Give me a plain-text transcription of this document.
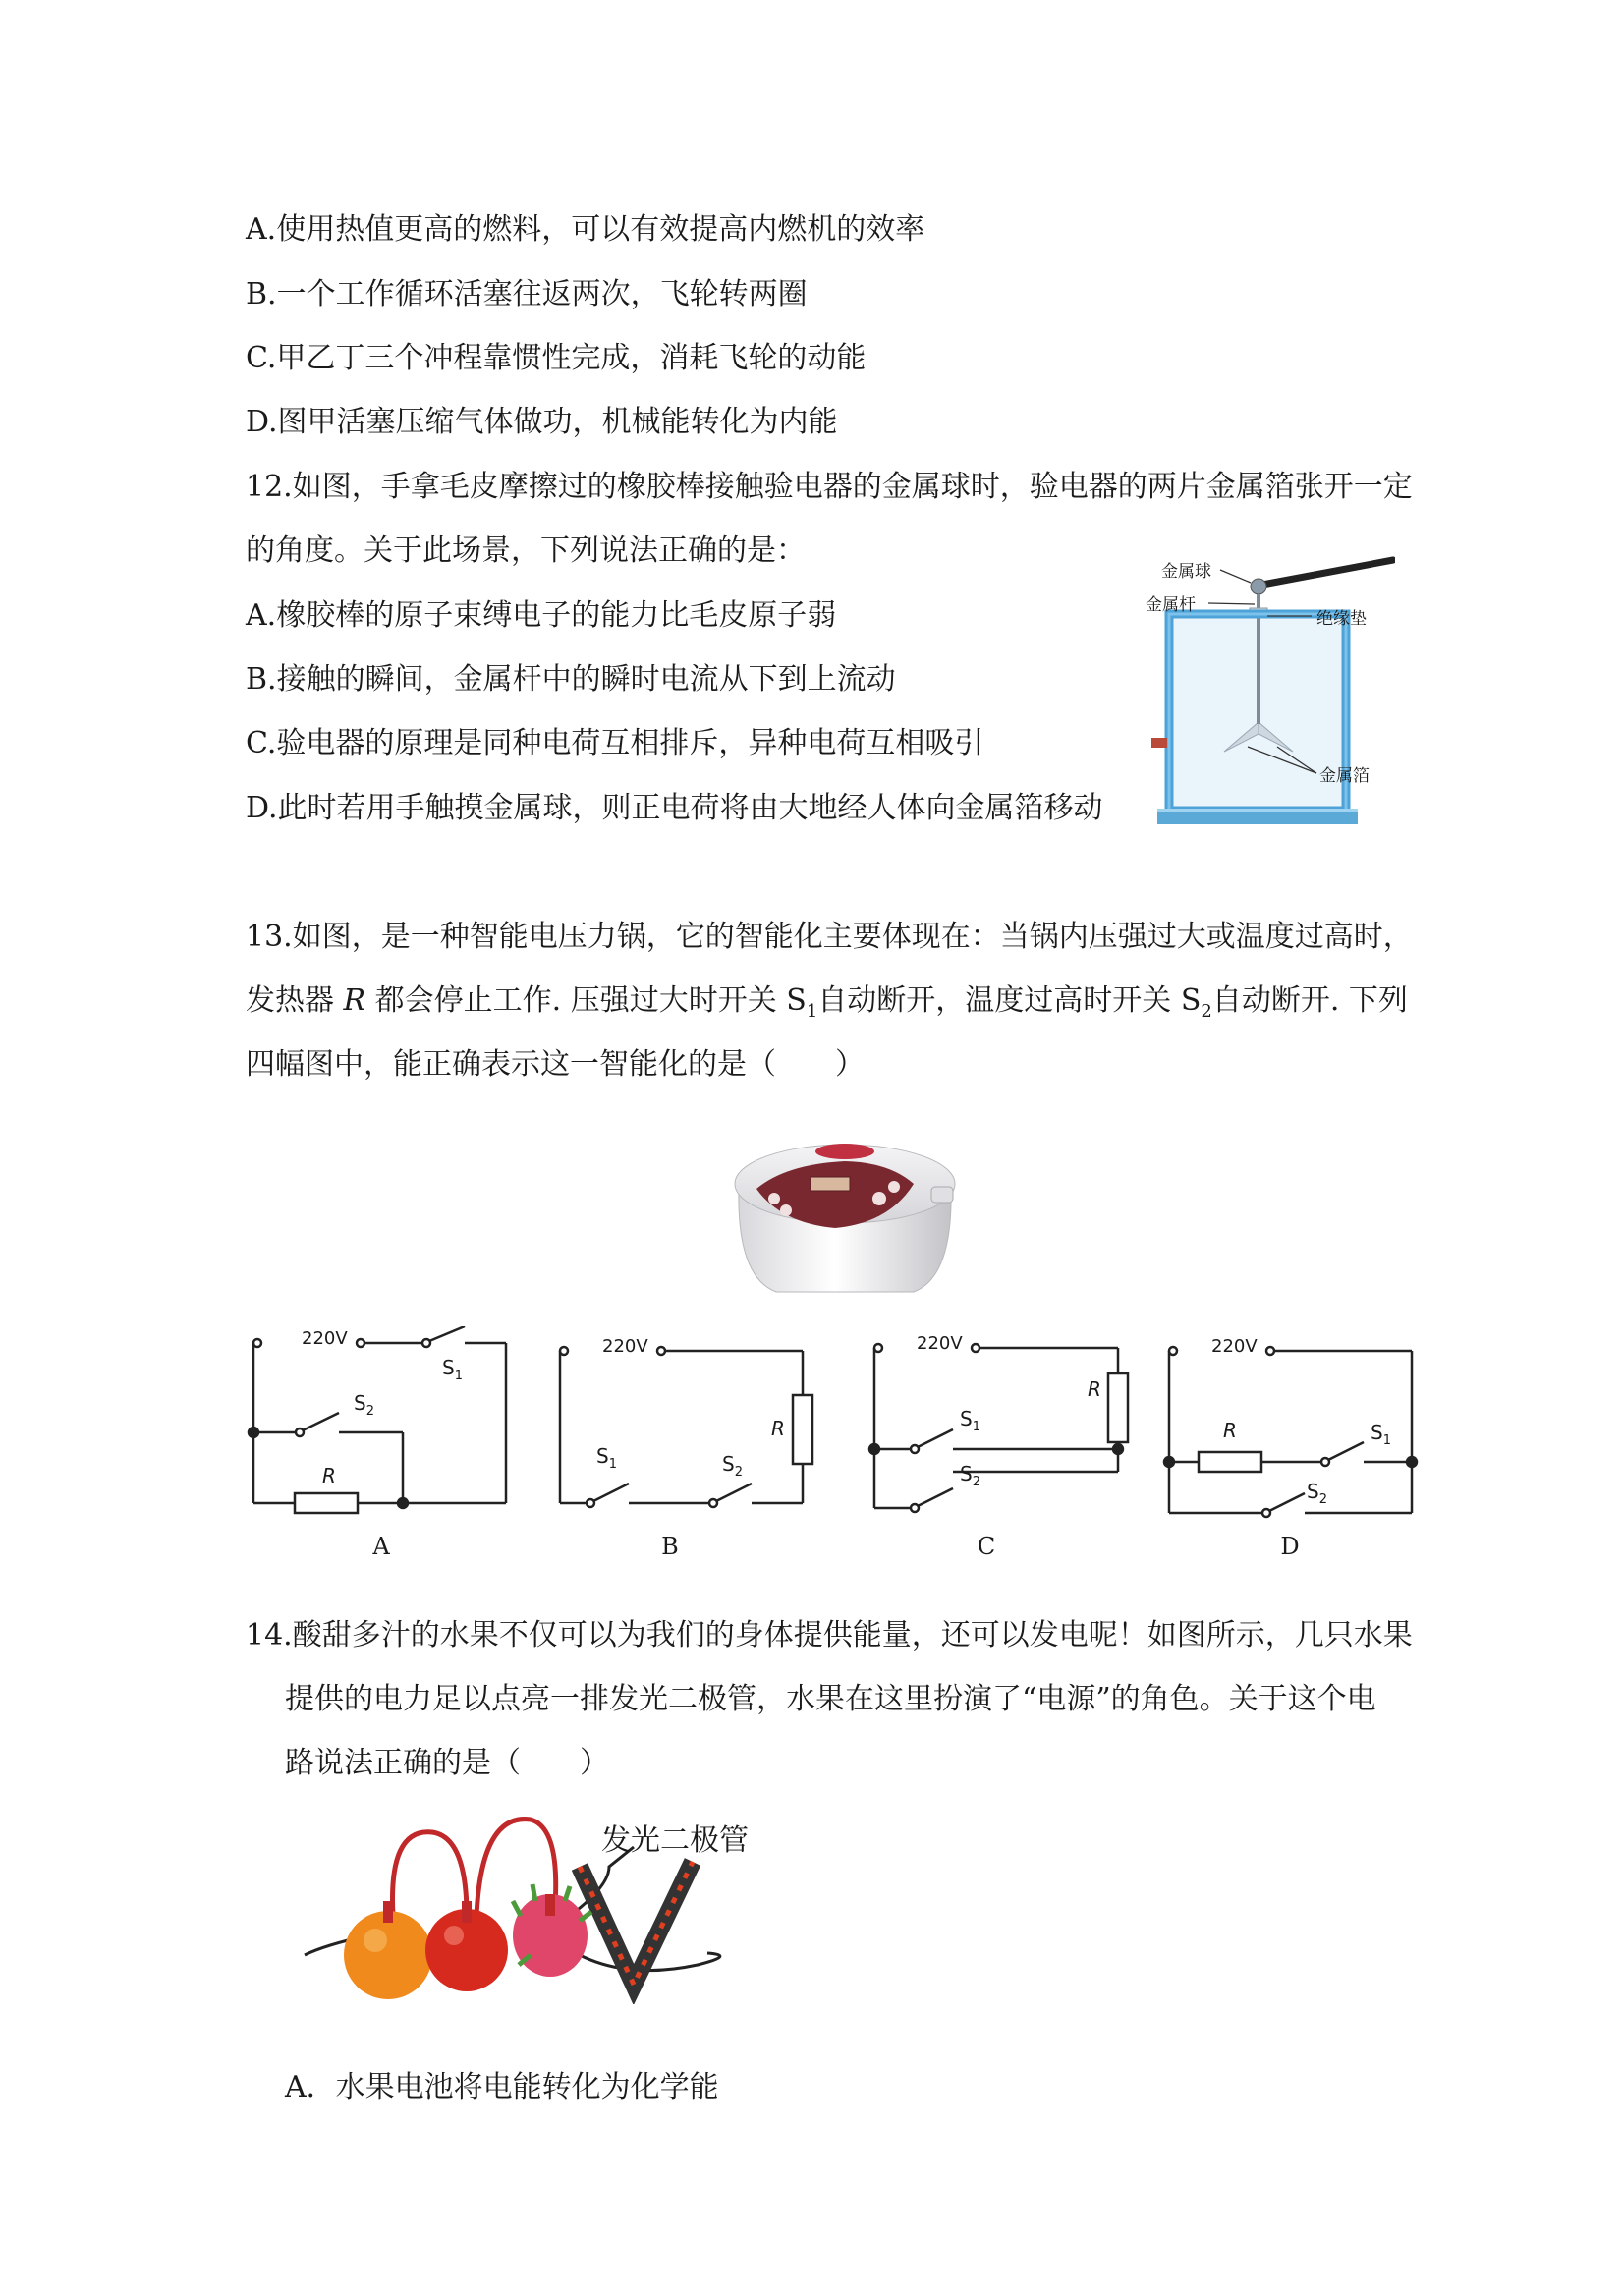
A.使用热值更高的燃料，可以有效提高内燃机的效率
B.一个工作循环活塞往返两次，飞轮转两圈
C.甲乙丁三个冲程靠惯性完成，消耗飞轮的动能
D.图甲活塞压缩气体做功，机械能转化为内能
12.如图，手拿毛皮摩擦过的橡胶棒接触验电器的金属球时，验电器的两片金属箔张开一定
的角度。关于此场景，下列说法正确的是：
A.橡胶棒的原子束缚电子的能力比毛皮原子弱
B.接触的瞬间，金属杆中的瞬时电流从下到上流动
C.验电器的原理是同种电荷互相排斥，异种电荷互相吸引
D.此时若用手触摸金属球，则正电荷将由大地经人体向金属箔移动
金属球
金属杆
绝缘垫
金属箔
13.如图，是一种智能电压力锅，它的智能化主要体现在：当锅内压强过大或温度过高时，
发热器 R 都会停止工作. 压强过大时开关 $S_1$自动断开，温度过高时开关 $S_2$自动断开. 下列
四幅图中，能正确表示这一智能化的是（　　）
220V
$S_1$
$S_2$
R
220V
R
$S_1$	$S_2$
220V
R
$S_1$
$S_2$
220V
R	$S_1$
$S_2$
A	B	C	D
14.酸甜多汁的水果不仅可以为我们的身体提供能量，还可以发电呢！如图所示，几只水果
提供的电力足以点亮一排发光二极管，水果在这里扮演了“电源”的角色。关于这个电
路说法正确的是（　　）
发光二极管
A．水果电池将电能转化为化学能
